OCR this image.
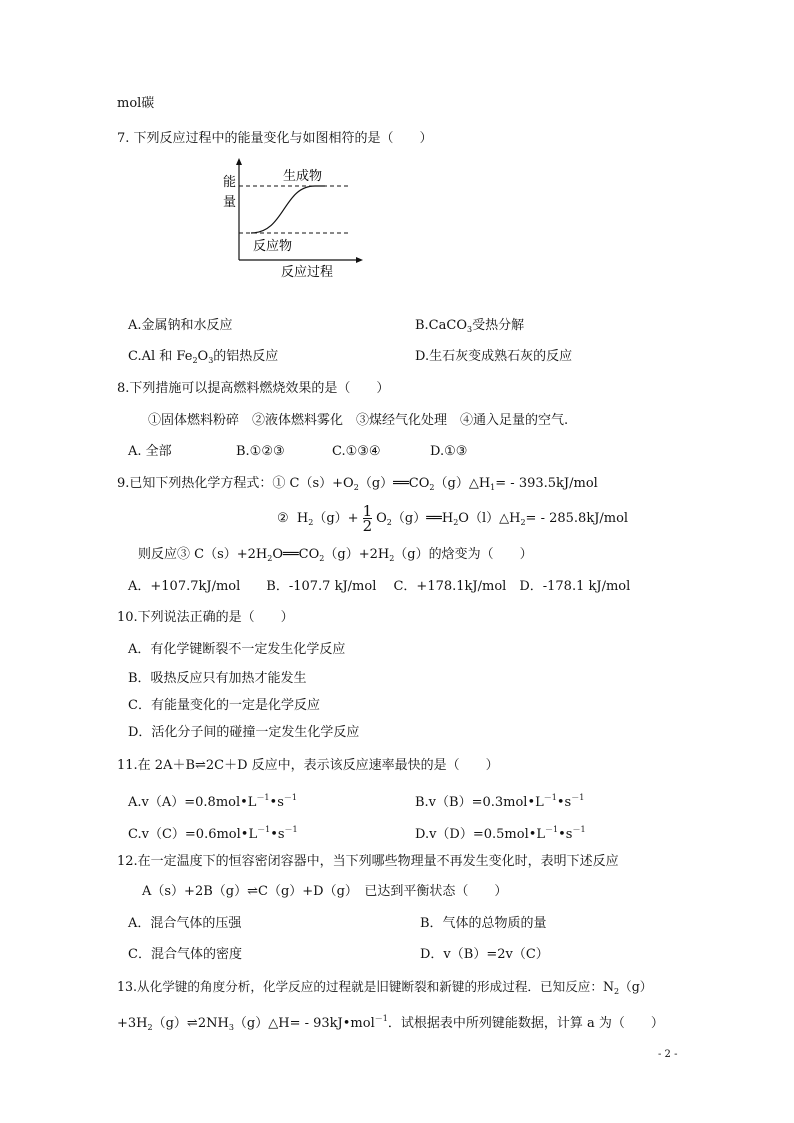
mol碳
7. 下列反应过程中的能量变化与如图相符的是（　　）
能
量
生成物
反应物
反应过程
A.金属钠和水反应	B.CaCO$_3$受热分解
C.Al 和 $Fe_2O_3$的铝热反应	D.生石灰变成熟石灰的反应
8.下列措施可以提高燃料燃烧效果的是（　　）
①固体燃料粉碎　②液体燃料雾化　③煤经气化处理　④通入足量的空气.
A. 全部	B.①②③	C.①③④	D.①③
9.已知下列热化学方程式：① $C(s)+O_2(g)══CO_2(g)\triangle H_1= - 393.5kJ/mol$
② $H_2(g)+ \frac{1}{2}$ $O_2(g)══H_2O(l)\triangle H_2= - 285.8kJ/mol$
则反应③ $C(s)+2H_2O══CO_2(g)+2H_2(g)$的焓变为（　　）
A．+107.7kJ/mol　　B．-107.7 kJ/mol　 C．+178.1kJ/mol　D．-178.1 kJ/mol
10.下列说法正确的是（　　）
A．有化学键断裂不一定发生化学反应
B．吸热反应只有加热才能发生
C．有能量变化的一定是化学反应
D．活化分子间的碰撞一定发生化学反应
11.在 2A＋B⇌2C＋D 反应中，表示该反应速率最快的是（　　）
$A.v(A)=0.8mol•L^{-1}•s^{-1}$	$B.v(B)=0.3mol•L^{-1}•s^{-1}$
$C.v(C)=0.6mol•L^{-1}•s^{-1}$	$D.v(D)=0.5mol•L^{-1}•s^{-1}$
12.在一定温度下的恒容密闭容器中，当下列哪些物理量不再发生变化时，表明下述反应
A（s）+2B（g）⇌C（g）+D（g）　已达到平衡状态（　　）
A．混合气体的压强	B．气体的总物质的量
C．混合气体的密度	D．v（B）=2v（C）
13.从化学键的角度分析，化学反应的过程就是旧键断裂和新键的形成过程．已知反应：$N_2(g)$
$+3H_2(g)\rightleftharpoons 2NH_3(g)\triangle H=$ - 93kJ•mol$^{-1}$．试根据表中所列键能数据，计算 a 为（　　）
- 2 -
